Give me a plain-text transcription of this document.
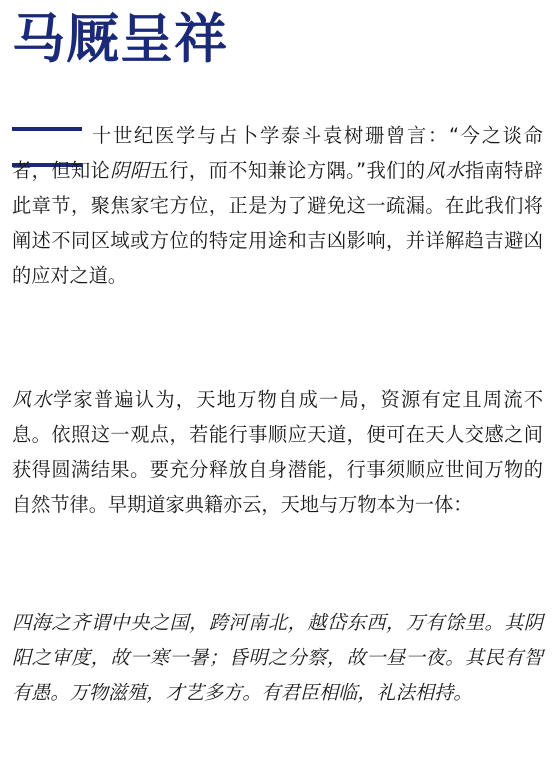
马厩呈祥

十世纪医学与占卜学泰斗袁树珊曾言：“今之谈命者，但知论阴阳五行，而不知兼论方隅。”我们的风水指南特辟此章节，聚焦家宅方位，正是为了避免这一疏漏。在此我们将阐述不同区域或方位的特定用途和吉凶影响，并详解趋吉避凶的应对之道。

风水学家普遍认为，天地万物自成一局，资源有定且周流不息。依照这一观点，若能行事顺应天道，便可在天人交感之间获得圆满结果。要充分释放自身潜能，行事须顺应世间万物的自然节律。早期道家典籍亦云，天地与万物本为一体：

四海之齐谓中央之国，跨河南北，越岱东西，万有馀里。其阴阳之审度，故一寒一暑；昏明之分察，故一昼一夜。其民有智有愚。万物滋殖，才艺多方。有君臣相临，礼法相持。
